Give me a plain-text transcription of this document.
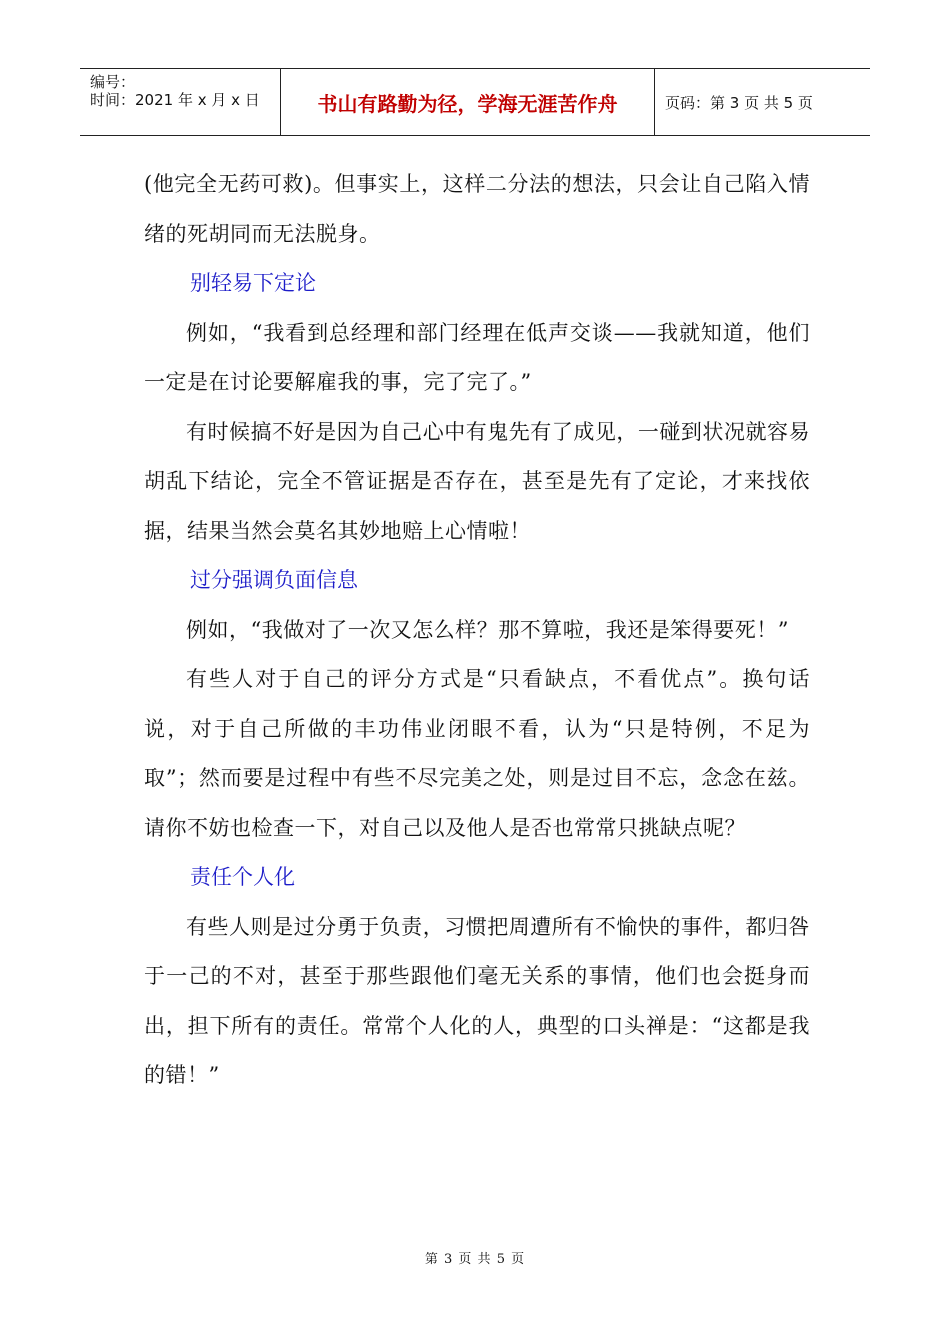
编号：
时间：2021 年 x 月 x 日	书山有路勤为径，学海无涯苦作舟	页码：第 3 页 共 5 页

(他完全无药可救)。但事实上，这样二分法的想法，只会让自己陷入情绪的死胡同而无法脱身。

别轻易下定论

例如，“我看到总经理和部门经理在低声交谈——我就知道，他们一定是在讨论要解雇我的事，完了完了。”

有时候搞不好是因为自己心中有鬼先有了成见，一碰到状况就容易胡乱下结论，完全不管证据是否存在，甚至是先有了定论，才来找依据，结果当然会莫名其妙地赔上心情啦！

过分强调负面信息

例如，“我做对了一次又怎么样？那不算啦，我还是笨得要死！”

有些人对于自己的评分方式是“只看缺点，不看优点”。换句话说，对于自己所做的丰功伟业闭眼不看，认为“只是特例，不足为取”；然而要是过程中有些不尽完美之处，则是过目不忘，念念在兹。请你不妨也检查一下，对自己以及他人是否也常常只挑缺点呢？

责任个人化

有些人则是过分勇于负责，习惯把周遭所有不愉快的事件，都归咎于一己的不对，甚至于那些跟他们毫无关系的事情，他们也会挺身而出，担下所有的责任。常常个人化的人，典型的口头禅是：“这都是我的错！”

第 3 页 共 5 页
